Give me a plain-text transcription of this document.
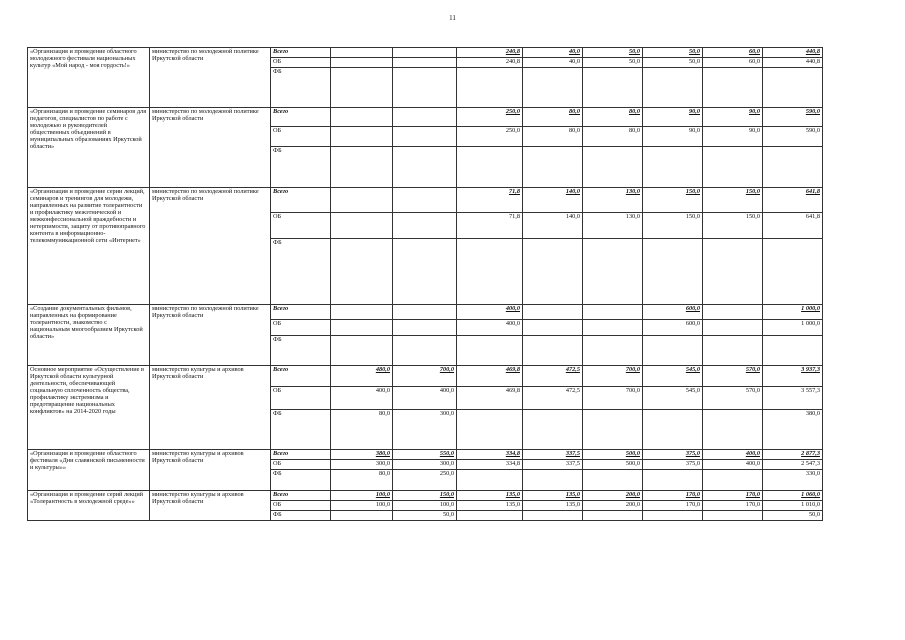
11
«Организация и проведение областного молодежного фестиваля национальных культур «Мой народ - моя гордость!»	министерство по молодежной политике Иркутской области	Всего			240,8	40,0	50,0	50,0	60,0	440,8
		ОБ			240,8	40,0	50,0	50,0	60,0	440,8
		ФБ								
«Организация и проведение семинаров для педагогов, специалистов по работе с молодежью и руководителей общественных объединений в муниципальных образованиях Иркутской области»	министерство по молодежной политике Иркутской области	Всего			250,0	80,0	80,0	90,0	90,0	590,0
		ОБ			250,0	80,0	80,0	90,0	90,0	590,0
		ФБ								
«Организация и проведение серии лекций, семинаров и тренингов для молодежи, направленных на развитие толерантности и профилактику межэтнической и межконфессиональной враждебности и нетерпимости, защиту от противоправного контента в информационно-телекоммуникационной сети «Интернет»	министерство по молодежной политике Иркутской области	Всего			71,8	140,0	130,0	150,0	150,0	641,8
		ОБ			71,8	140,0	130,0	150,0	150,0	641,8
		ФБ								
«Создание документальных фильмов, направленных на формирование толерантности, знакомство с национальным многообразием Иркутской области»	министерство по молодежной политике Иркутской области	Всего			400,0			600,0		1 000,0
		ОБ			400,0			600,0		1 000,0
		ФБ								
Основное мероприятие «Осуществление в Иркутской области культурной деятельности, обеспечивающей социальную сплоченность общества, профилактику экстремизма и предотвращение национальных конфликтов» на 2014-2020 годы	министерство культуры и архивов Иркутской области	Всего	480,0	700,0	469,8	472,5	700,0	545,0	570,0	3 937,3
		ОБ	400,0	400,0	469,8	472,5	700,0	545,0	570,0	3 557,3
		ФБ	80,0	300,0						380,0
«Организация и проведение областного фестиваля «Дни славянской письменности и культуры»»	министерство культуры и архивов Иркутской области	Всего	380,0	550,0	334,8	337,5	500,0	375,0	400,0	2 877,3
		ОБ	300,0	300,0	334,8	337,5	500,0	375,0	400,0	2 547,3
		ФБ	80,0	250,0						330,0
«Организация и проведение серий лекций «Толерантность в молодежной среде»»	министерство культуры и архивов Иркутской области	Всего	100,0	150,0	135,0	135,0	200,0	170,0	170,0	1 060,0
		ОБ	100,0	100,0	135,0	135,0	200,0	170,0	170,0	1 010,0
		ФБ		50,0						50,0
